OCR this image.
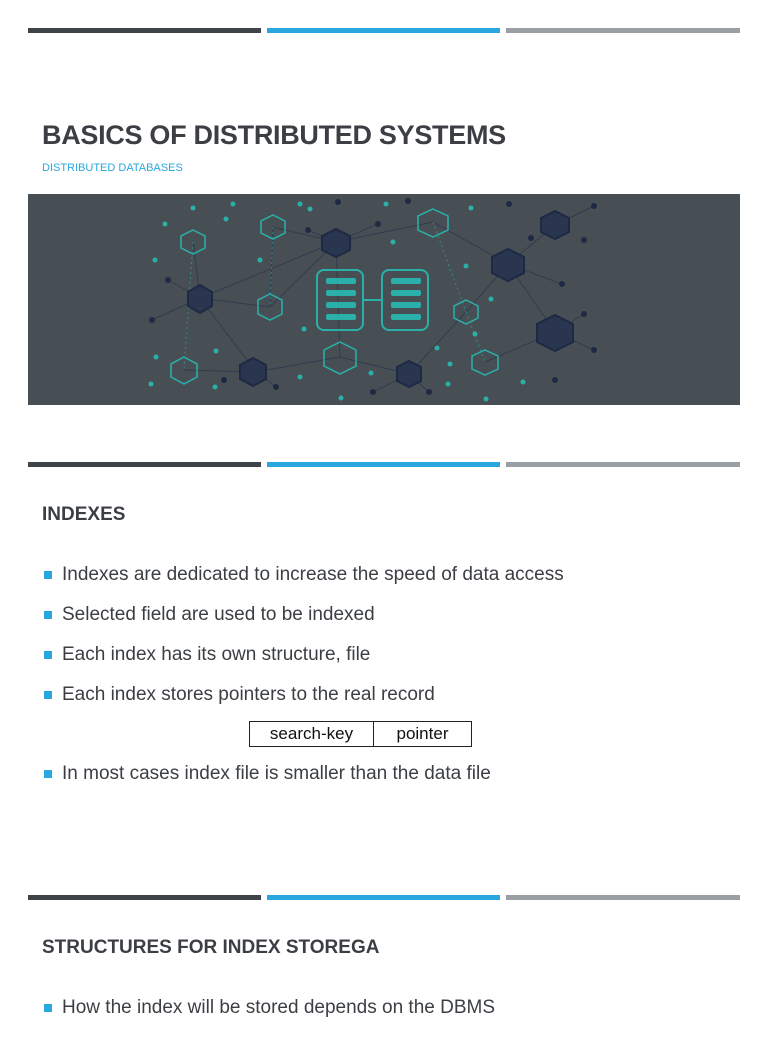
BASICS OF DISTRIBUTED SYSTEMS
DISTRIBUTED DATABASES
INDEXES
Indexes are dedicated to increase the speed of data access
Selected field are used to be indexed
Each index has its own structure, file
Each index stores pointers to the real record
search-key	pointer
In most cases index file is smaller than the data file
STRUCTURES FOR INDEX STOREGA
How the index will be stored depends on the DBMS
